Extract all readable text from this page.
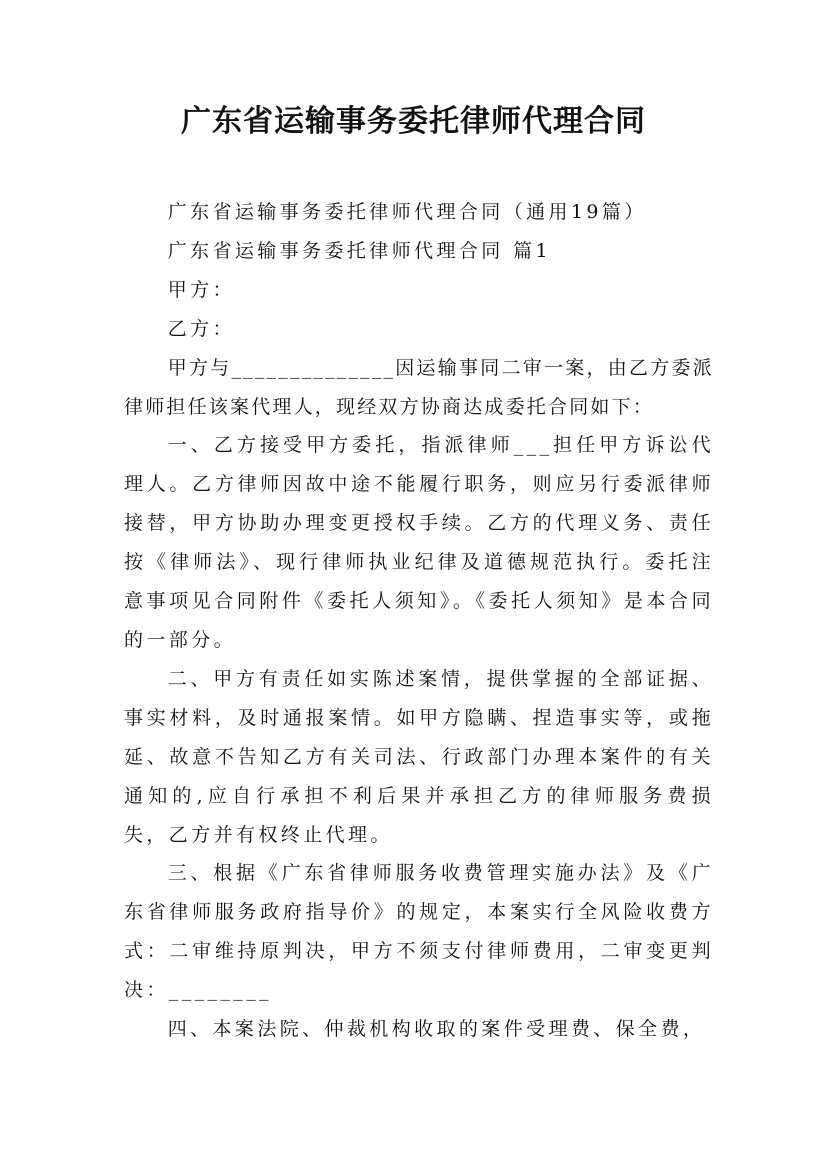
广东省运输事务委托律师代理合同

广东省运输事务委托律师代理合同（通用19篇）

广东省运输事务委托律师代理合同 篇1

甲方：

乙方：

甲方与______________因运输事同二审一案，由乙方委派律师担任该案代理人，现经双方协商达成委托合同如下：

一、乙方接受甲方委托，指派律师___担任甲方诉讼代理人。乙方律师因故中途不能履行职务，则应另行委派律师接替，甲方协助办理变更授权手续。乙方的代理义务、责任按《律师法》、现行律师执业纪律及道德规范执行。委托注意事项见合同附件《委托人须知》。《委托人须知》是本合同的一部分。

二、甲方有责任如实陈述案情，提供掌握的全部证据、事实材料，及时通报案情。如甲方隐瞒、捏造事实等，或拖延、故意不告知乙方有关司法、行政部门办理本案件的有关通知的,应自行承担不利后果并承担乙方的律师服务费损失，乙方并有权终止代理。

三、根据《广东省律师服务收费管理实施办法》及《广东省律师服务政府指导价》的规定，本案实行全风险收费方式：二审维持原判决，甲方不须支付律师费用，二审变更判决：________

四、本案法院、仲裁机构收取的案件受理费、保全费，
